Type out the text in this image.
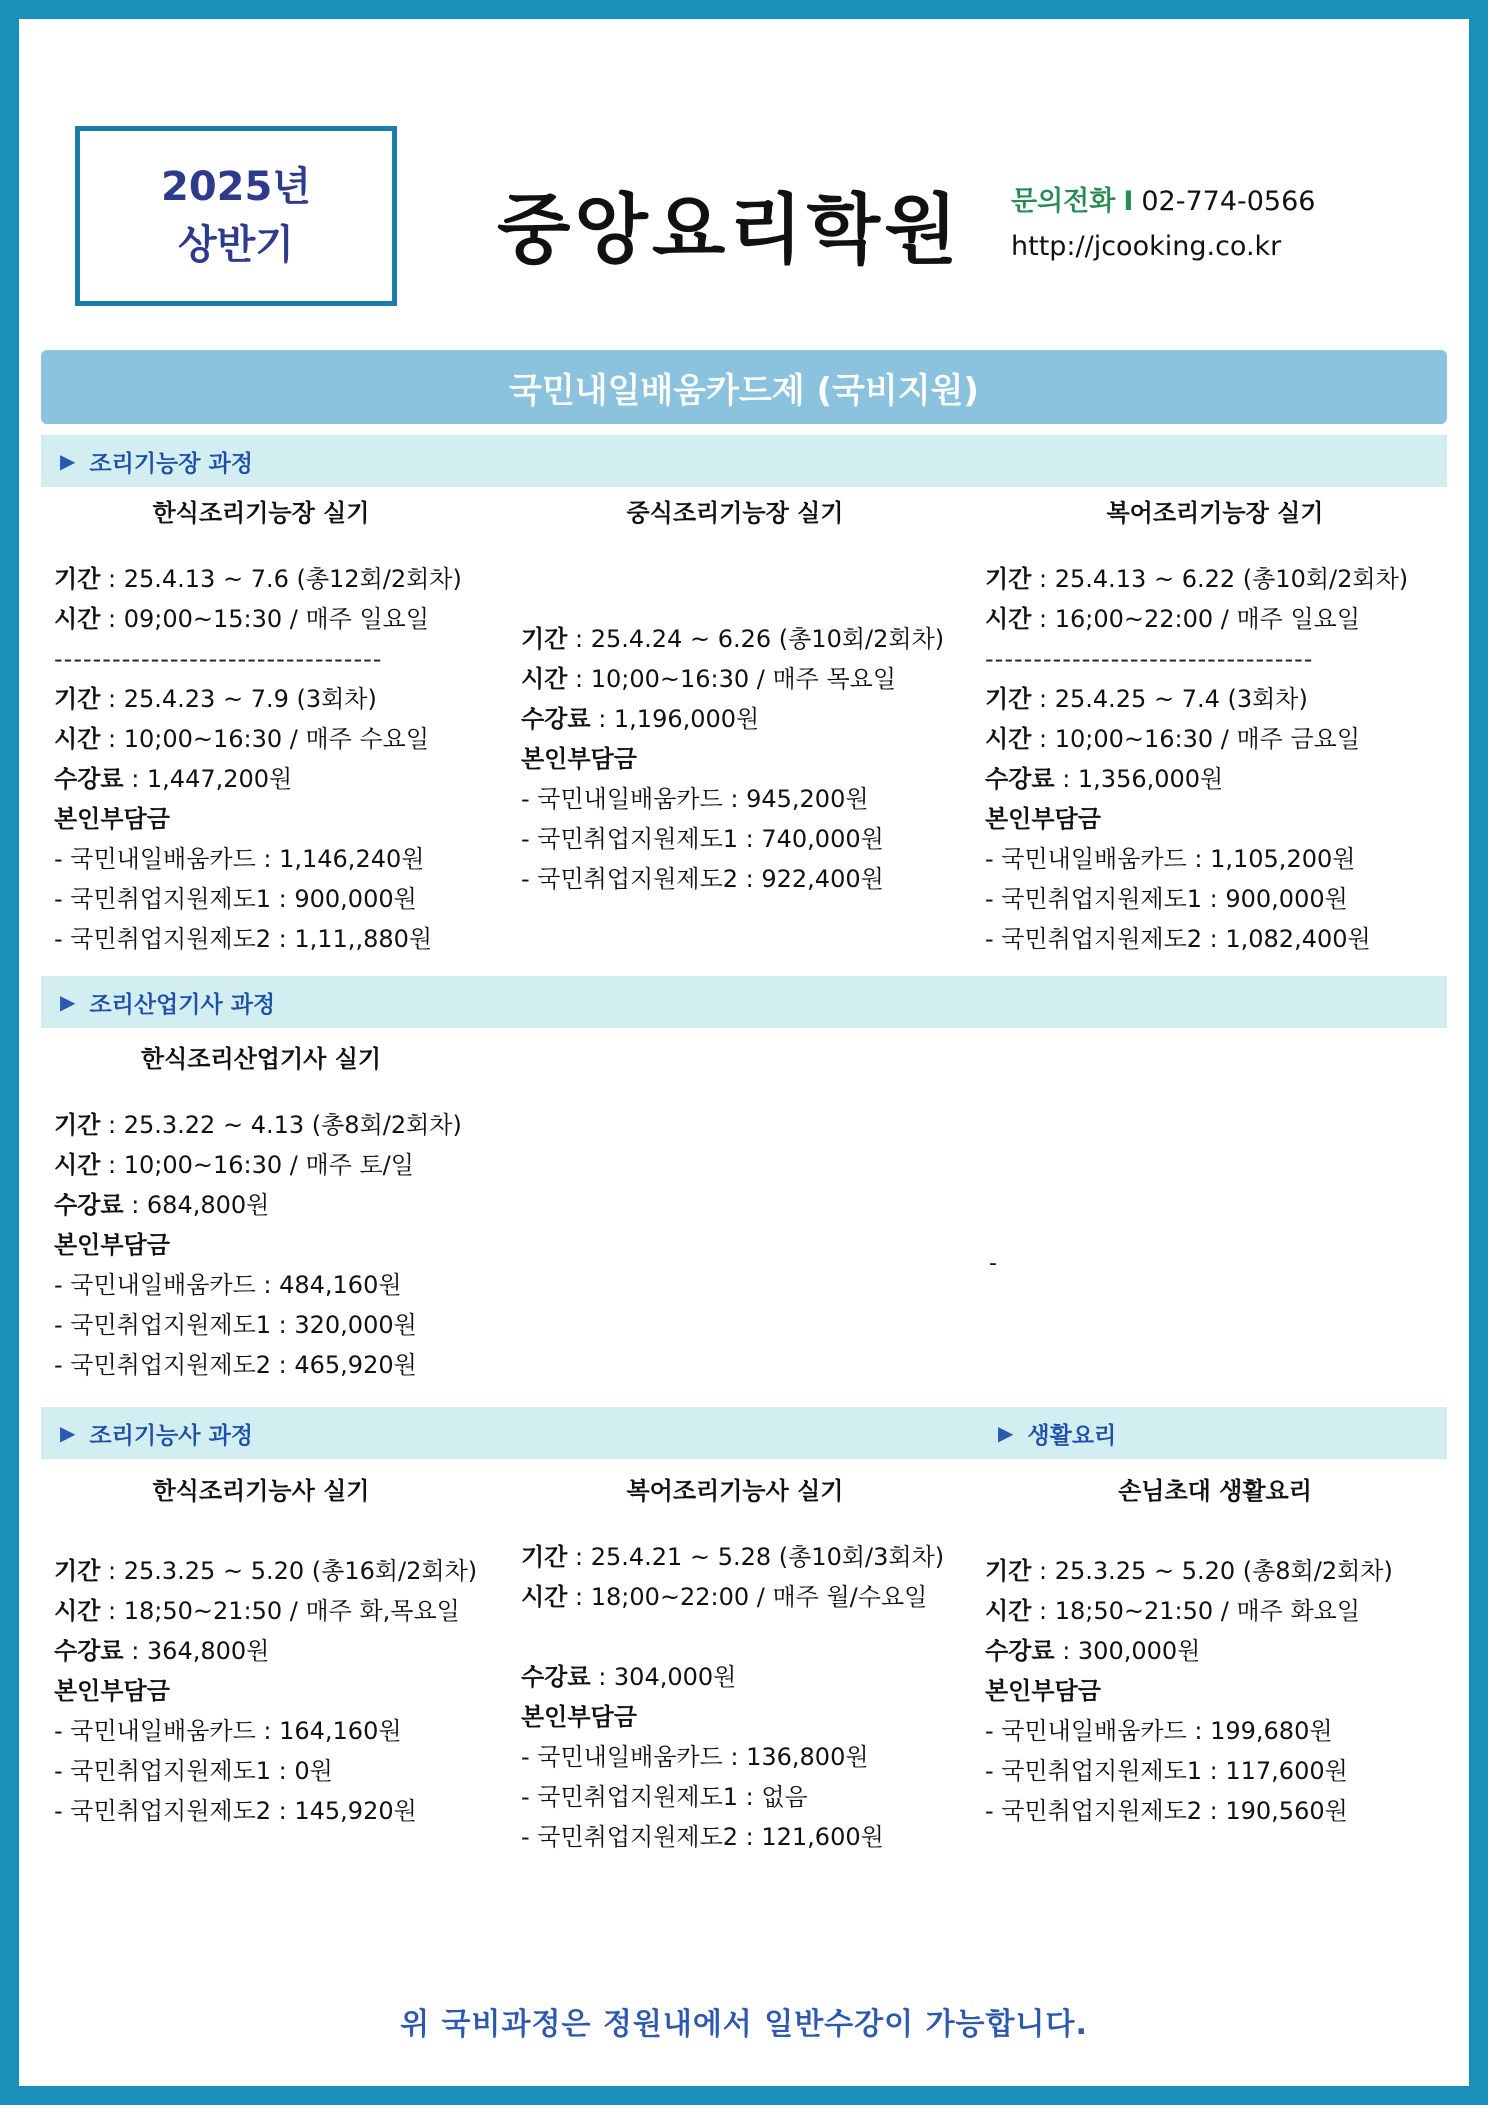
2025년
상반기	중앙요리학원 문의전화 I 02-774-0566
http://jcooking.co.kr
국민내일배움카드제 (국비지원)
▶ 조리기능장 과정
한식조리기능장 실기
기간 : 25.4.13 ~ 7.6 (총12회/2회차)
시간 : 09;00~15:30 / 매주 일요일
----------------------------------
기간 : 25.4.23 ~ 7.9 (3회차)
시간 : 10;00~16:30 / 매주 수요일
수강료 : 1,447,200원
본인부담금
- 국민내일배움카드 : 1,146,240원
- 국민취업지원제도1 : 900,000원
- 국민취업지원제도2 : 1,11,,880원
중식조리기능장 실기
기간 : 25.4.24 ~ 6.26 (총10회/2회차)
시간 : 10;00~16:30 / 매주 목요일
수강료 : 1,196,000원
본인부담금
- 국민내일배움카드 : 945,200원
- 국민취업지원제도1 : 740,000원
- 국민취업지원제도2 : 922,400원
복어조리기능장 실기
기간 : 25.4.13 ~ 6.22 (총10회/2회차)
시간 : 16;00~22:00 / 매주 일요일
----------------------------------
기간 : 25.4.25 ~ 7.4 (3회차)
시간 : 10;00~16:30 / 매주 금요일
수강료 : 1,356,000원
본인부담금
- 국민내일배움카드 : 1,105,200원
- 국민취업지원제도1 : 900,000원
- 국민취업지원제도2 : 1,082,400원
▶ 조리산업기사 과정
한식조리산업기사 실기
기간 : 25.3.22 ~ 4.13 (총8회/2회차)
시간 : 10;00~16:30 / 매주 토/일
수강료 : 684,800원
본인부담금
- 국민내일배움카드 : 484,160원
- 국민취업지원제도1 : 320,000원
- 국민취업지원제도2 : 465,920원
-
▶ 조리기능사 과정	▶ 생활요리
한식조리기능사 실기
기간 : 25.3.25 ~ 5.20 (총16회/2회차)
시간 : 18;50~21:50 / 매주 화,목요일
수강료 : 364,800원
본인부담금
- 국민내일배움카드 : 164,160원
- 국민취업지원제도1 : 0원
- 국민취업지원제도2 : 145,920원
복어조리기능사 실기
기간 : 25.4.21 ~ 5.28 (총10회/3회차)
시간 : 18;00~22:00 / 매주 월/수요일
수강료 : 304,000원
본인부담금
- 국민내일배움카드 : 136,800원
- 국민취업지원제도1 : 없음
- 국민취업지원제도2 : 121,600원
손님초대 생활요리
기간 : 25.3.25 ~ 5.20 (총8회/2회차)
시간 : 18;50~21:50 / 매주 화요일
수강료 : 300,000원
본인부담금
- 국민내일배움카드 : 199,680원
- 국민취업지원제도1 : 117,600원
- 국민취업지원제도2 : 190,560원
위 국비과정은 정원내에서 일반수강이 가능합니다.
